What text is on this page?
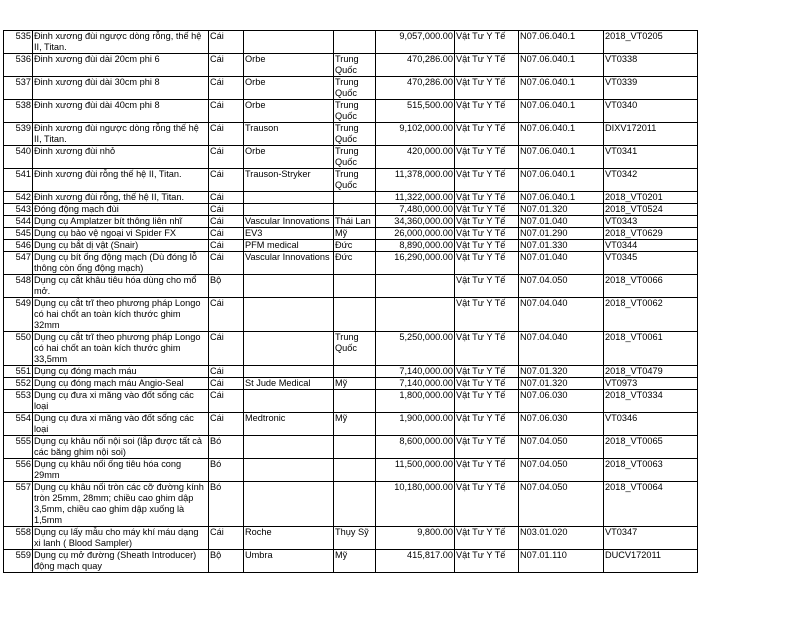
535	Đinh xương đùi ngược dòng rỗng, thế hệ II, Titan.	Cái			9,057,000.00	Vật Tư Y Tế	N07.06.040.1	2018_VT0205
536	Đinh xương đùi dài 20cm phi 6	Cái	Orbe	Trung Quốc	470,286.00	Vật Tư Y Tế	N07.06.040.1	VT0338
537	Đinh xương đùi dài 30cm phi 8	Cái	Orbe	Trung Quốc	470,286.00	Vật Tư Y Tế	N07.06.040.1	VT0339
538	Đinh xương đùi dài 40cm phi 8	Cái	Orbe	Trung Quốc	515,500.00	Vật Tư Y Tế	N07.06.040.1	VT0340
539	Đinh xương đùi ngược dòng rỗng thế hệ II, Titan.	Cái	Trauson	Trung Quốc	9,102,000.00	Vật Tư Y Tế	N07.06.040.1	DIXV172011
540	Đinh xương đùi nhỏ	Cái	Orbe	Trung Quốc	420,000.00	Vật Tư Y Tế	N07.06.040.1	VT0341
541	Đinh xương đùi rỗng thế hệ II, Titan.	Cái	Trauson-Stryker	Trung Quốc	11,378,000.00	Vật Tư Y Tế	N07.06.040.1	VT0342
542	Đinh xương đùi rỗng, thế hệ II, Titan.	Cái			11,322,000.00	Vật Tư Y Tế	N07.06.040.1	2018_VT0201
543	Đóng động mạch đùi	Cái			7,480,000.00	Vật Tư Y Tế	N07.01.320	2018_VT0524
544	Dụng cụ Amplatzer bít thông liên nhĩ	Cái	Vascular Innovations	Thái Lan	34,360,000.00	Vật Tư Y Tế	N07.01.040	VT0343
545	Dụng cụ bảo vệ ngoại vi Spider FX	Cái	EV3	Mỹ	26,000,000.00	Vật Tư Y Tế	N07.01.290	2018_VT0629
546	Dụng cụ bắt dị vật (Snair)	Cái	PFM medical	Đức	8,890,000.00	Vật Tư Y Tế	N07.01.330	VT0344
547	Dụng cụ bít ống động mạch (Dù đóng lỗ thông còn ống động mạch)	Cái	Vascular Innovations	Đức	16,290,000.00	Vật Tư Y Tế	N07.01.040	VT0345
548	Dụng cụ cắt khâu tiêu hóa dùng cho mổ mở.	Bộ				Vật Tư Y Tế	N07.04.050	2018_VT0066
549	Dụng cụ cắt trĩ theo phương pháp Longo có hai chốt an toàn kích thước ghim 32mm	Cái				Vật Tư Y Tế	N07.04.040	2018_VT0062
550	Dụng cụ cắt trĩ theo phương pháp Longo có hai chốt an toàn kích thước ghim 33,5mm	Cái		Trung Quốc	5,250,000.00	Vật Tư Y Tế	N07.04.040	2018_VT0061
551	Dụng cụ đóng mạch máu	Cái			7,140,000.00	Vật Tư Y Tế	N07.01.320	2018_VT0479
552	Dụng cụ đóng mạch máu Angio-Seal	Cái	St Jude Medical	Mỹ	7,140,000.00	Vật Tư Y Tế	N07.01.320	VT0973
553	Dụng cụ đưa xi măng vào đốt sống các loại	Cái			1,800,000.00	Vật Tư Y Tế	N07.06.030	2018_VT0334
554	Dụng cụ đưa xi măng vào đốt sống các loại	Cái	Medtronic	Mỹ	1,900,000.00	Vật Tư Y Tế	N07.06.030	VT0346
555	Dụng cụ khâu nối nội soi (lắp được tất cả các băng ghim nội soi)	Bó			8,600,000.00	Vật Tư Y Tế	N07.04.050	2018_VT0065
556	Dụng cụ khâu nối ống tiêu hóa cong 29mm	Bó			11,500,000.00	Vật Tư Y Tế	N07.04.050	2018_VT0063
557	Dụng cụ khâu nối tròn các cỡ đường kính tròn 25mm, 28mm; chiều cao ghim dập 3,5mm, chiều cao ghim dập xuống là 1,5mm	Bó			10,180,000.00	Vật Tư Y Tế	N07.04.050	2018_VT0064
558	Dụng cụ lấy mẫu cho máy khí máu dạng xi lanh ( Blood Sampler)	Cái	Roche	Thụy Sỹ	9,800.00	Vật Tư Y Tế	N03.01.020	VT0347
559	Dụng cụ mở đường (Sheath Introducer) động mạch quay	Bộ	Umbra	Mỹ	415,817.00	Vật Tư Y Tế	N07.01.110	DUCV172011
